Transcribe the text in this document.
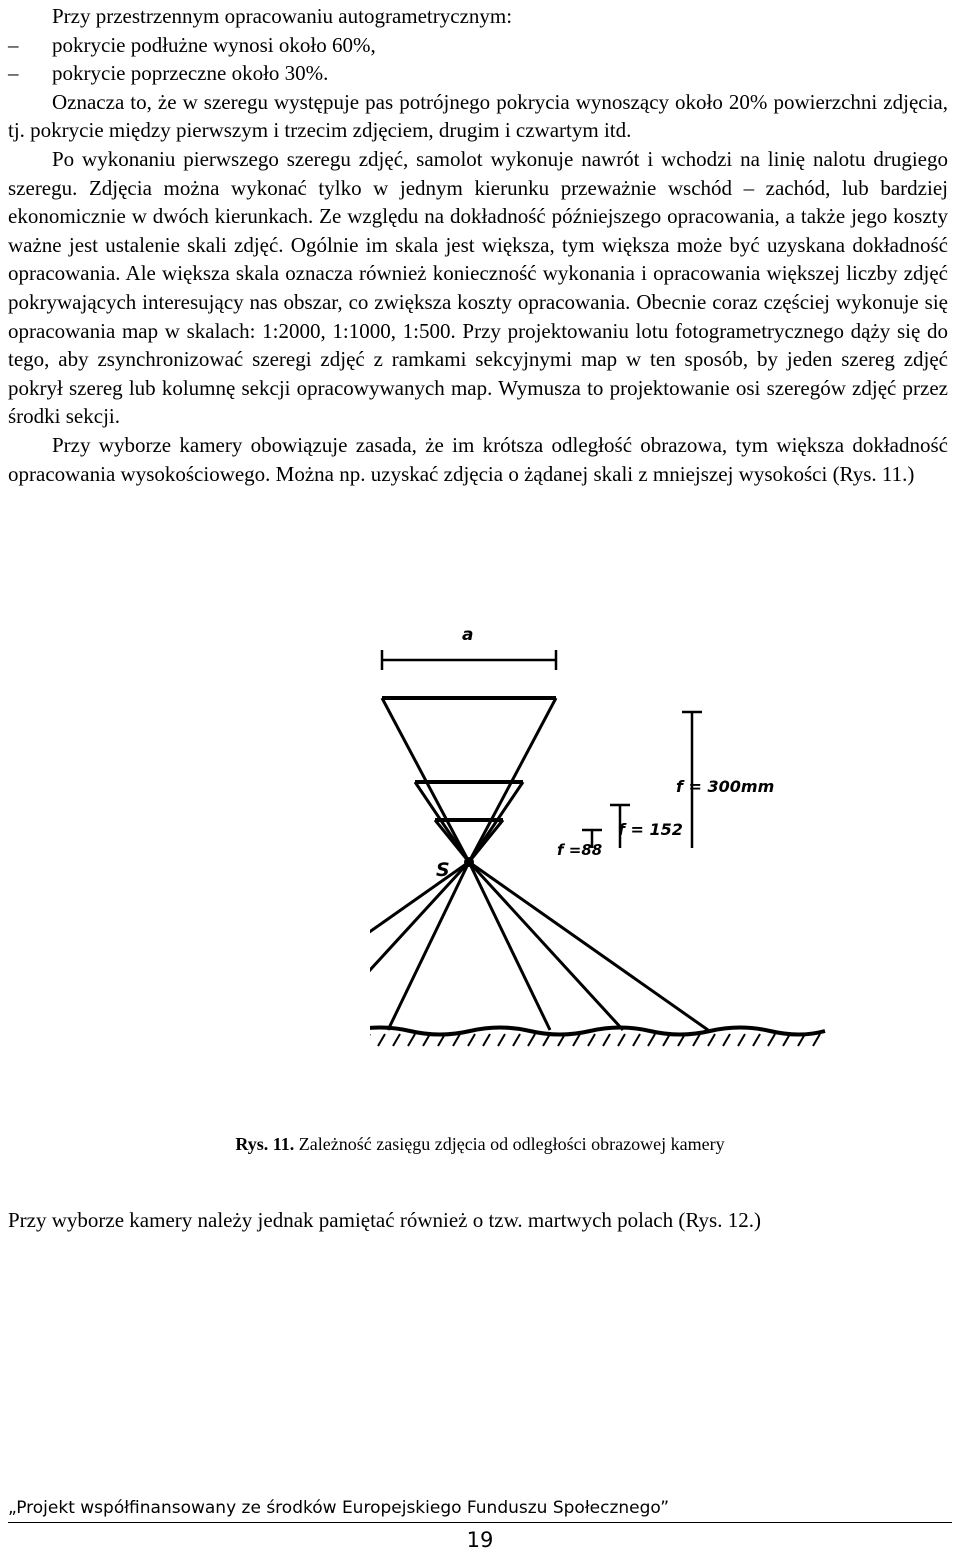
Przy przestrzennym opracowaniu autogrametrycznym:

–	pokrycie podłużne wynosi około 60%,
–	pokrycie poprzeczne około 30%.

Oznacza to, że w szeregu występuje pas potrójnego pokrycia wynoszący około 20% powierzchni zdjęcia, tj. pokrycie między pierwszym i trzecim zdjęciem, drugim i czwartym itd.

Po wykonaniu pierwszego szeregu zdjęć, samolot wykonuje nawrót i wchodzi na linię nalotu drugiego szeregu. Zdjęcia można wykonać tylko w jednym kierunku przeważnie wschód – zachód, lub bardziej ekonomicznie w dwóch kierunkach. Ze względu na dokładność późniejszego opracowania, a także jego koszty ważne jest ustalenie skali zdjęć. Ogólnie im skala jest większa, tym większa może być uzyskana dokładność opracowania. Ale większa skala oznacza również konieczność wykonania i opracowania większej liczby zdjęć pokrywających interesujący nas obszar, co zwiększa koszty opracowania. Obecnie coraz częściej wykonuje się opracowania map w skalach: 1:2000, 1:1000, 1:500. Przy projektowaniu lotu fotogrametrycznego dąży się do tego, aby zsynchronizować szeregi zdjęć z ramkami sekcyjnymi map w ten sposób, by jeden szereg zdjęć pokrył szereg lub kolumnę sekcji opracowywanych map. Wymusza to projektowanie osi szeregów zdjęć przez środki sekcji.

Przy wyborze kamery obowiązuje zasada, że im krótsza odległość obrazowa, tym większa dokładność opracowania wysokościowego. Można np. uzyskać zdjęcia o żądanej skali z mniejszej wysokości (Rys. 11.)

a
S
f = 300mm
f = 152
f =88
Rys. 11. Zależność zasięgu zdjęcia od odległości obrazowej kamery
Przy wyborze kamery należy jednak pamiętać również o tzw. martwych polach (Rys. 12.)
„Projekt współfinansowany ze środków Europejskiego Funduszu Społecznego”
19
